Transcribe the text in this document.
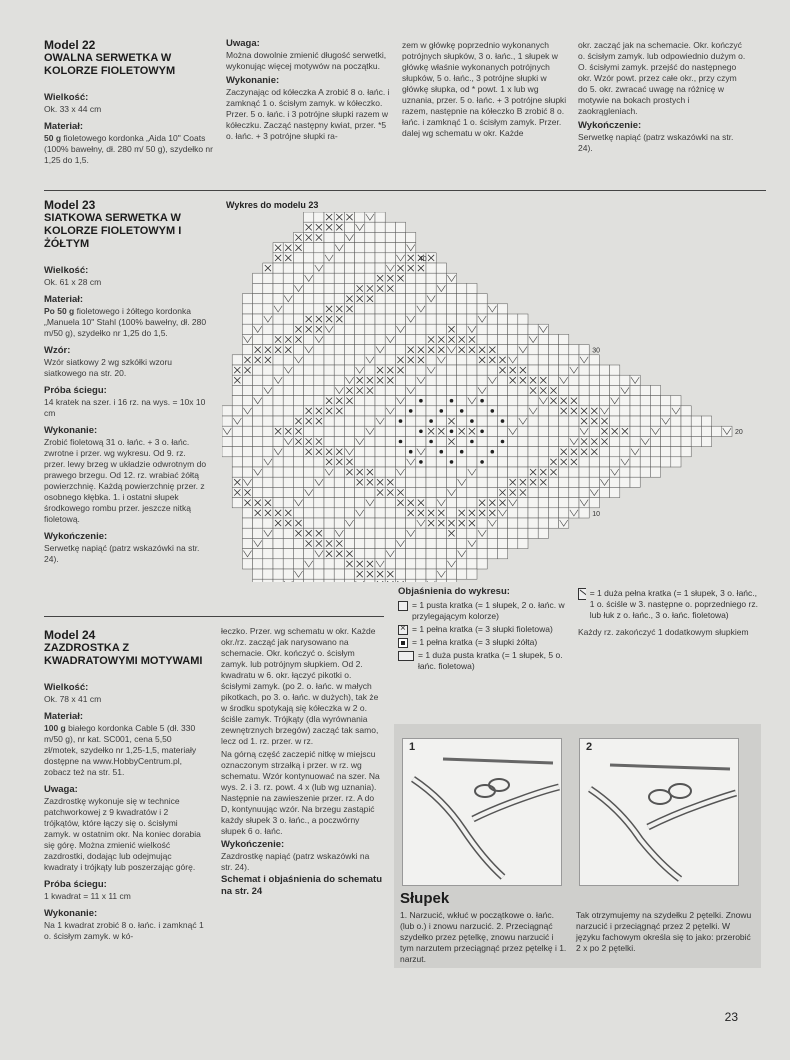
Model 22
OWALNA SERWETKA W KOLORZE FIOLETOWYM
Wielkość:
Ok. 33 x 44 cm
Materiał:
50 g fioletowego kordonka „Aida 10" Coats (100% bawełny, dł. 280 m/ 50 g), szydełko nr 1,25 do 1,5.
Uwaga:
Można dowolnie zmienić długość serwetki, wykonując więcej motywów na początku.
Wykonanie:
Zaczynając od kółeczka A zrobić 8 o. łańc. i zamknąć 1 o. ścisłym zamyk. w kółeczko. Przer. 5 o. łańc. i 3 potrójne słupki razem w kółeczku. Zacząć następny kwiat, przer. *5 o. łańc. + 3 potrójne słupki ra-
zem w główkę poprzednio wykonanych potrójnych słupków, 3 o. łańc., 1 słupek w główkę właśnie wykonanych potrójnych słupków, 5 o. łańc., 3 potrójne słupki w główkę słupka, od * powt. 1 x lub wg uznania, przer. 5 o. łańc. + 3 potrójne słupki razem, następnie na kółeczko B zrobić 8 o. łańc. i zamknąć 1 o. ścisłym zamyk. Przer. dalej wg schematu w okr. Każde
okr. zacząć jak na schemacie. Okr. kończyć o. ścisłym zamyk. lub odpowiednio dużym o. O. ścisłymi zamyk. przejść do następnego okr. Wzór powt. przez całe okr., przy czym do 5. okr. zwracać uwagę na różnicę w motywie na bokach prostych i zaokrągleniach.
Wykończenie:
Serwetkę napiąć (patrz wskazówki na str. 24).
Model 23
SIATKOWA SERWETKA W KOLORZE FIOLETOWYM I ŻÓŁTYM
Wielkość:
Ok. 61 x 28 cm
Materiał:
Po 50 g fioletowego i żółtego kordonka „Manuela 10" Stahl (100% bawełny, dł. 280 m/50 g), szydełko nr 1,25 do 1,5.
Wzór:
Wzór siatkowy 2 wg szkółki wzoru siatkowego na str. 20.
Próba ściegu:
14 kratek na szer. i 16 rz. na wys. = 10x 10 cm
Wykonanie:
Zrobić fioletową 31 o. łańc. + 3 o. łańc. zwrotne i przer. wg wykresu. Od 9. rz. przer. lewy brzeg w układzie odwrotnym do prawego brzegu. Od 12. rz. wrabiać żółtą powierzchnię. Każdą powierzchnię przer. z osobnego kłębka. 1. i ostatni słupek środkowego rombu przer. jeszcze nitką fioletową.
Wykończenie:
Serwetkę napiąć (patrz wskazówki na str. 24).
Wykres do modelu 23
40
30
20
10
Objaśnienia do wykresu:
= 1 pusta kratka (= 1 słupek, 2 o. łańc. w przylegającym kolorze)
×
= 1 pełna kratka (= 3 słupki fioletowa)
= 1 pełna kratka (= 3 słupki żółta)
= 1 duża pusta kratka (= 1 słupek, 5 o. łańc. fioletowa)
= 1 duża pełna kratka (= 1 słupek, 3 o. łańc., 1 o. ściśle w 3. następne o. poprzedniego rz. lub łuk z o. łańc., 3 o. łańc. fioletowa)
Każdy rz. zakończyć 1 dodatkowym słupkiem
Model 24
ZAZDROSTKA Z KWADRATOWYMI MOTYWAMI
Wielkość:
Ok. 78 x 41 cm
Materiał:
100 g białego kordonka Cable 5 (dł. 330 m/50 g), nr kat. SC001, cena 5,50 zł/motek, szydełko nr 1,25-1,5, materiały dostępne na www.HobbyCentrum.pl, zobacz też na str. 51.
Uwaga:
Zazdrostkę wykonuje się w technice patchworkowej z 9 kwadratów i 2 trójkątów, które łączy się o. ścisłymi zamyk. w ostatnim okr. Na koniec dorabia się górę. Można zmienić wielkość zazdrostki, dodając lub odejmując kwadraty i trójkąty lub poszerzając górę.
Próba ściegu:
1 kwadrat = 11 x 11 cm
Wykonanie:
Na 1 kwadrat zrobić 8 o. łańc. i zamknąć 1 o. ścisłym zamyk. w kó-
łeczko. Przer. wg schematu w okr. Każde okr./rz. zacząć jak narysowano na schemacie. Okr. kończyć o. ścisłym zamyk. lub potrójnym słupkiem. Od 2. kwadratu w 6. okr. łączyć pikotki o. ścisłymi zamyk. (po 2. o. łańc. w małych pikotkach, po 3. o. łańc. w dużych), tak że w środku spotykają się kółeczka w 2 o. ściśle zamyk. Trójkąty (dla wyrównania zewnętrznych brzegów) zacząć tak samo, lecz od 1. rz. przer. w rz.
Na górną część zaczepić nitkę w miejscu oznaczonym strzałką i przer. w rz. wg schematu. Wzór kontynuować na szer. Na wys. 2. i 3. rz. powt. 4 x (lub wg uznania). Następnie na zawieszenie przer. rz. A do D, kontynuując wzór. Na brzegu zastąpić każdy słupek 3 o. łańc., a poczwórny słupek 6 o. łańc.
Wykończenie:
Zazdrostkę napiąć (patrz wskazówki na str. 24).
Schemat i objaśnienia do schematu na str. 24
1	2
Słupek
1. Narzucić, wkłuć w początkowe o. łańc. (lub o.) i znowu narzucić. 2. Przeciągnąć szydełko przez pętelkę, znowu narzucić i tym narzutem przeciągnąć przez pętelkę i 1. narzut.
Tak otrzymujemy na szydełku 2 pętelki. Znowu narzucić i przeciągnąć przez 2 pętelki. W języku fachowym określa się to jako: przerobić 2 x po 2 pętelki.
23
